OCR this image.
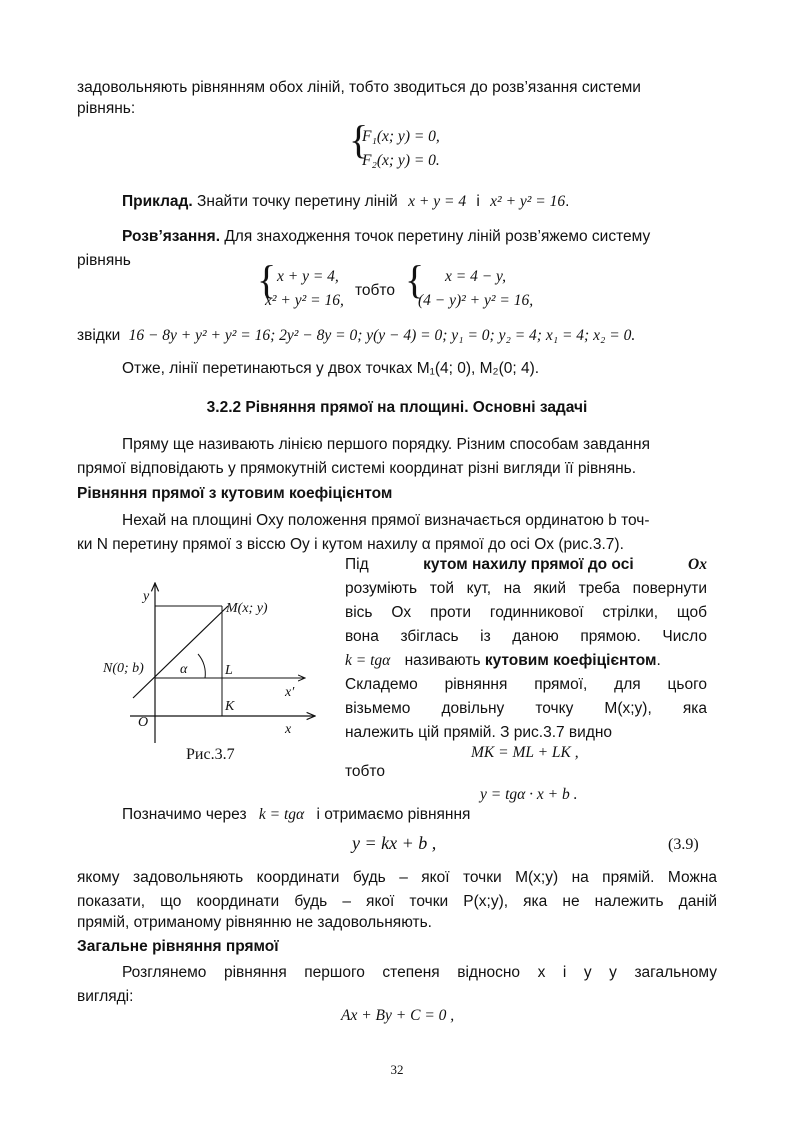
задовольняють рівнянням обох ліній, тобто зводиться до розв’язання системи
рівнянь:
{
F₁(x; y) = 0,
F₂(x; y) = 0.
Приклад. Знайти точку перетину ліній x + y = 4 і x² + y² = 16.
Розв’язання. Для знаходження точок перетину ліній розв’яжемо систему
рівнянь	{ x + y = 4,
x² + y² = 16,
тобто { x = 4 − y,
(4 − y)² + y² = 16,
звідки 16 − 8y + y² + y² = 16; 2y² − 8y = 0; y(y − 4) = 0; y₁ = 0; y₂ = 4; x₁ = 4; x₂ = 0.
Отже, лінії перетинаються у двох точках M₁(4; 0), M₂(0; 4).
3.2.2 Рівняння прямої на площині. Основні задачі
Пряму ще називають лінією першого порядку. Різним способам завдання
прямої відповідають у прямокутній системі координат різні вигляди її рівнянь.
Рівняння прямої з кутовим коефіцієнтом
Нехай на площині Oxy положення прямої визначається ординатою b точ-
ки N перетину прямої з віссю Oy і кутом нахилу α прямої до осі Ox (рис.3.7).
y
x
x′
O
N(0; b)
M(x; y)
α	L
K
Рис.3.7
Під	кутом нахилу прямої до осі	Ox
розуміють той кут, на який треба повернути
вісь Ox проти годинникової стрілки, щоб
вона збіглась із даною прямою. Число
k = tgα називають кутовим коефіцієнтом.
Складемо рівняння прямої, для цього
візьмемо довільну точку M(x;y), яка
належить цій прямій. З рис.3.7 видно
MK = ML + LK ,
тобто
y = tgα · x + b .
Позначимо через k = tgα і отримаємо рівняння
y = kx + b ,	(3.9)
якому задовольняють координати будь – якої точки M(x;y) на прямій. Можна
показати, що координати будь – якої точки P(x;y), яка не належить даній
прямій, отриманому рівнянню не задовольняють.
Загальне рівняння прямої
Розглянемо рівняння першого степеня відносно x і y у загальному
вигляді:
Ax + By + C = 0 ,
32
